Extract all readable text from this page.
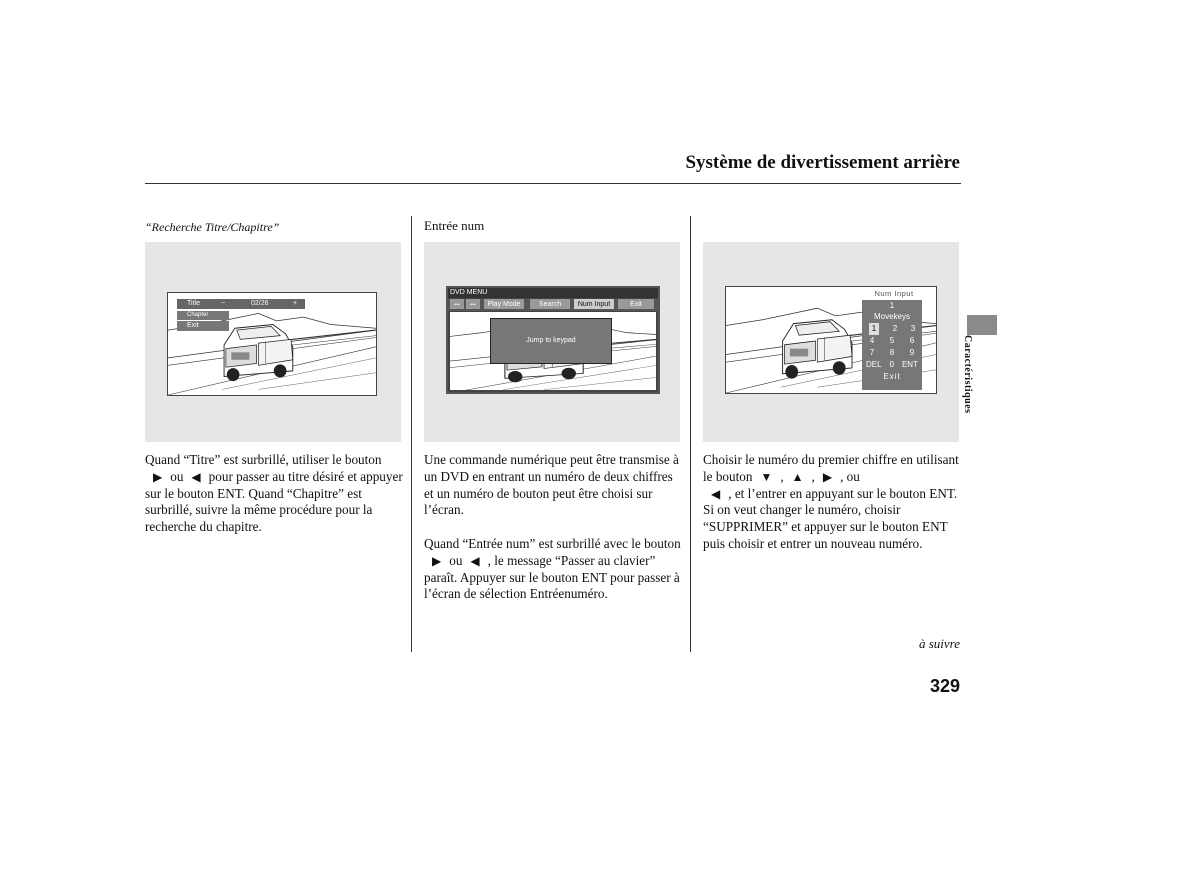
Système de divertissement arrière
“Recherche Titre/Chapitre”
Title	−	02/26	+
Chapter
Exit

Quand “Titre” est surbrillé, utiliser le bouton ▶ ou ◀ pour passer au titre désiré et appuyer sur le bouton ENT. Quand “Chapitre” est surbrillé, suivre la même procédure pour la recherche du chapitre.

Entrée num
DVD MENU
•••	•••	Play Mode	Search	Num Input	Exit
Jump to keypad

Une commande numérique peut être transmise à un DVD en entrant un numéro de deux chiffres et un numéro de bouton peut être choisi sur l’écran.

Quand “Entrée num” est surbrillé avec le bouton▶ ou ◀ , le message “Passer au clavier” paraît. Appuyer sur le bouton ENT pour passer à l’écran de sélection Entréenuméro.

Num Input
1
Movekeys
1	2 3
4 5 6
7 8 9
DEL 0 ENT
Exit

Choisir le numéro du premier chiffre en utilisant le bouton ▼ , ▲ , ▶ , ou
◀ , et l’entrer en appuyant sur le bouton ENT. Si on veut changer le numéro, choisir “SUPPRIMER” et appuyer sur le bouton ENT puis choisir et entrer un nouveau numéro.

Caractéristiques
à suivre
329
